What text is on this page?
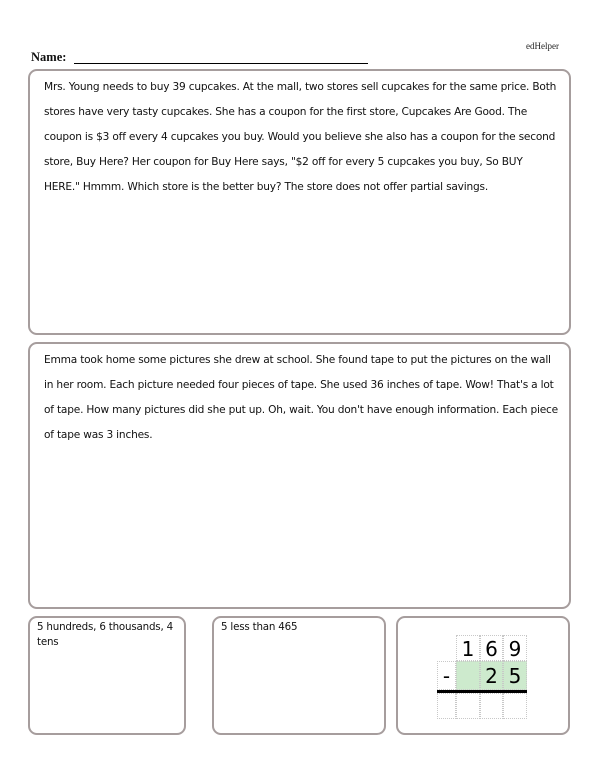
edHelper
Name:
Mrs. Young needs to buy 39 cupcakes. At the mall, two stores sell cupcakes for the same price. Both stores have very tasty cupcakes. She has a coupon for the first store, Cupcakes Are Good. The coupon is $3 off every 4 cupcakes you buy. Would you believe she also has a coupon for the second store, Buy Here? Her coupon for Buy Here says, "$2 off for every 5 cupcakes you buy, So BUY HERE." Hmmm. Which store is the better buy? The store does not offer partial savings.
Emma took home some pictures she drew at school. She found tape to put the pictures on the wall in her room. Each picture needed four pieces of tape. She used 36 inches of tape. Wow! That's a lot of tape. How many pictures did she put up. Oh, wait. You don't have enough information. Each piece of tape was 3 inches.
5 hundreds, 6 thousands, 4 tens
5 less than 465
1 6 9
- 2 5
